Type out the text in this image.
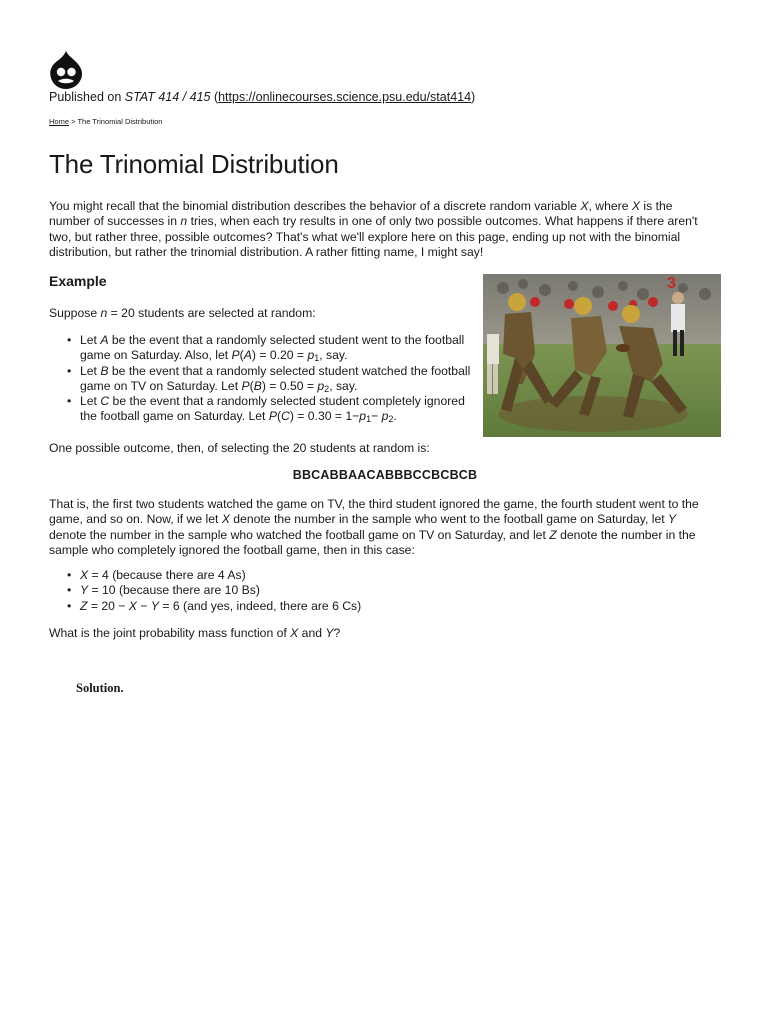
Published on STAT 414 / 415 (https://onlinecourses.science.psu.edu/stat414)
Home > The Trinomial Distribution
The Trinomial Distribution

You might recall that the binomial distribution describes the behavior of a discrete random variable X, where X is the number of successes in n tries, when each try results in one of only two possible outcomes. What happens if there aren't two, but rather three, possible outcomes? That's what we'll explore here on this page, ending up not with the binomial distribution, but rather the trinomial distribution. A rather fitting name, I might say!

Example

Suppose n = 20 students are selected at random:

• Let A be the event that a randomly selected student went to the football game on Saturday. Also, let $P(A) = 0.20 = p_1$, say.
• Let B be the event that a randomly selected student watched the football game on TV on Saturday. Let $P(B) = 0.50 = p_2$, say.
• Let C be the event that a randomly selected student completely ignored the football game on Saturday. Let $P(C) = 0.30 = 1-p_1- p_2$.
3

One possible outcome, then, of selecting the 20 students at random is:

BBCABBAACABBBCCBCBCB

That is, the first two students watched the game on TV, the third student ignored the game, the fourth student went to the game, and so on. Now, if we let X denote the number in the sample who went to the football game on Saturday, let Y denote the number in the sample who watched the football game on TV on Saturday, and let Z denote the number in the sample who completely ignored the football game, then in this case:

• X = 4 (because there are 4 As)
• Y = 10 (because there are 10 Bs)
• Z = 20 − X − Y = 6 (and yes, indeed, there are 6 Cs)

What is the joint probability mass function of X and Y?

Solution.
